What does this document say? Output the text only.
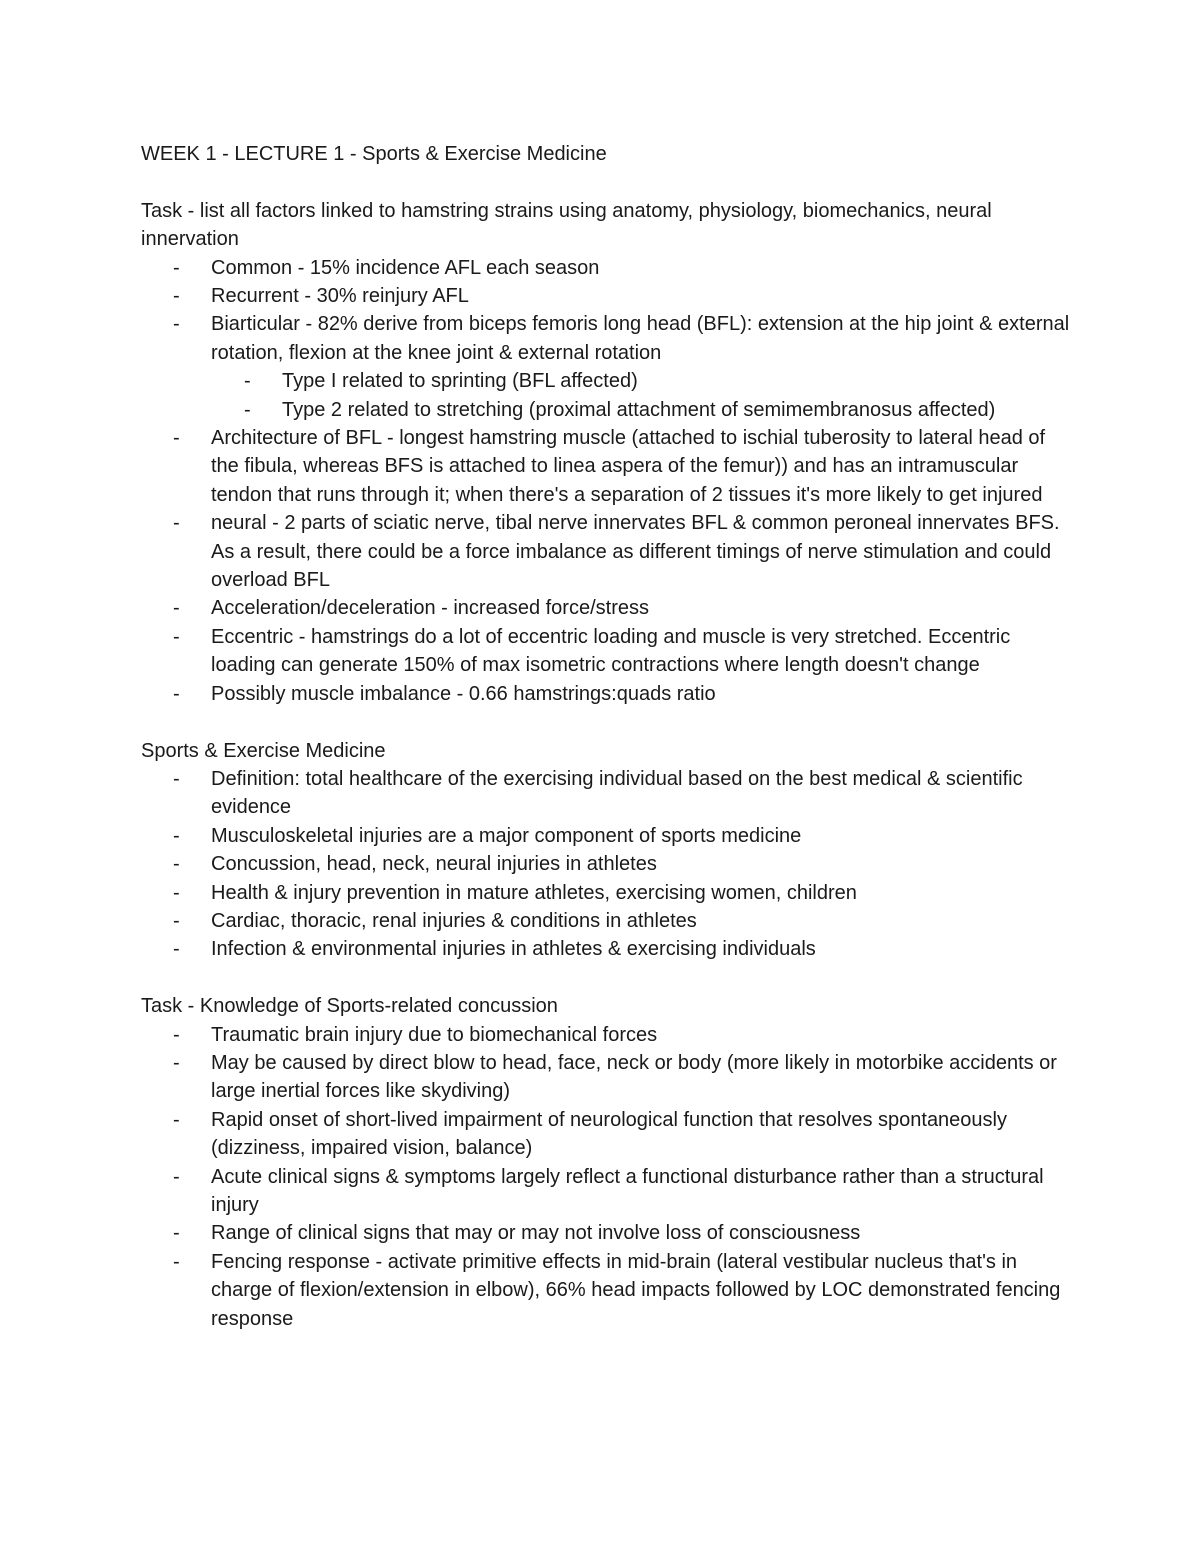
WEEK 1 - LECTURE 1 - Sports & Exercise Medicine

Task - list all factors linked to hamstring strains using anatomy, physiology, biomechanics, neural innervation

- Common - 15% incidence AFL each season
- Recurrent - 30% reinjury AFL
- Biarticular - 82% derive from biceps femoris long head (BFL): extension at the hip joint & external rotation, flexion at the knee joint & external rotation
- Type I related to sprinting (BFL affected)
- Type 2 related to stretching (proximal attachment of semimembranosus affected)
- Architecture of BFL - longest hamstring muscle (attached to ischial tuberosity to lateral head of the fibula, whereas BFS is attached to linea aspera of the femur)) and has an intramuscular tendon that runs through it; when there's a separation of 2 tissues it's more likely to get injured
- neural - 2 parts of sciatic nerve, tibal nerve innervates BFL & common peroneal innervates BFS. As a result, there could be a force imbalance as different timings of nerve stimulation and could overload BFL
- Acceleration/deceleration - increased force/stress
- Eccentric - hamstrings do a lot of eccentric loading and muscle is very stretched. Eccentric loading can generate 150% of max isometric contractions where length doesn't change
- Possibly muscle imbalance - 0.66 hamstrings:quads ratio

Sports & Exercise Medicine

- Definition: total healthcare of the exercising individual based on the best medical & scientific evidence
- Musculoskeletal injuries are a major component of sports medicine
- Concussion, head, neck, neural injuries in athletes
- Health & injury prevention in mature athletes, exercising women, children
- Cardiac, thoracic, renal injuries & conditions in athletes
- Infection & environmental injuries in athletes & exercising individuals

Task - Knowledge of Sports-related concussion

- Traumatic brain injury due to biomechanical forces
- May be caused by direct blow to head, face, neck or body (more likely in motorbike accidents or large inertial forces like skydiving)
- Rapid onset of short-lived impairment of neurological function that resolves spontaneously (dizziness, impaired vision, balance)
- Acute clinical signs & symptoms largely reflect a functional disturbance rather than a structural injury
- Range of clinical signs that may or may not involve loss of consciousness
- Fencing response - activate primitive effects in mid-brain (lateral vestibular nucleus that's in charge of flexion/extension in elbow), 66% head impacts followed by LOC demonstrated fencing response
